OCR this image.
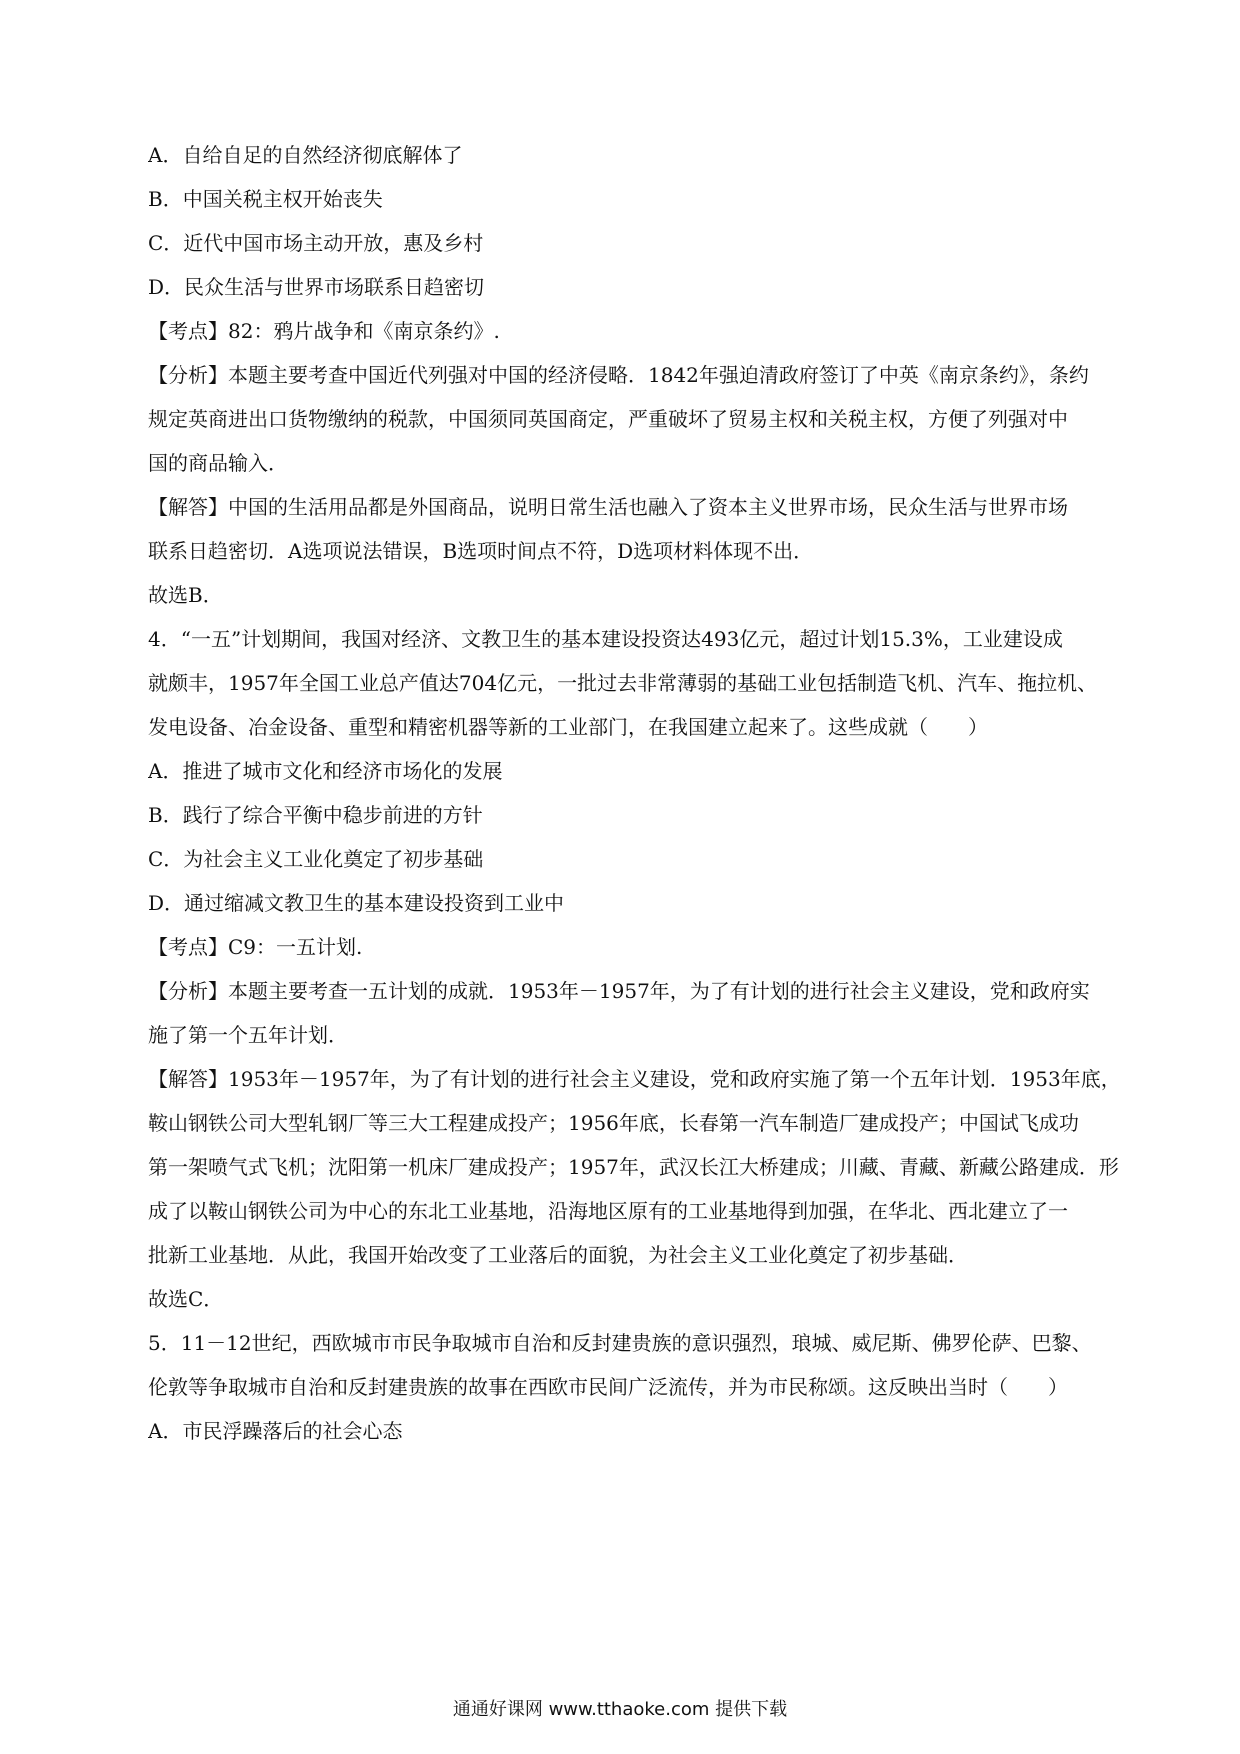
A．自给自足的自然经济彻底解体了
B．中国关税主权开始丧失
C．近代中国市场主动开放，惠及乡村
D．民众生活与世界市场联系日趋密切
【考点】82：鸦片战争和《南京条约》.
【分析】本题主要考查中国近代列强对中国的经济侵略．1842年强迫清政府签订了中英《南京条约》，条约
规定英商进出口货物缴纳的税款，中国须同英国商定，严重破坏了贸易主权和关税主权，方便了列强对中
国的商品输入．
【解答】中国的生活用品都是外国商品，说明日常生活也融入了资本主义世界市场，民众生活与世界市场
联系日趋密切．A选项说法错误，B选项时间点不符，D选项材料体现不出．
故选B．
4．“一五”计划期间，我国对经济、文教卫生的基本建设投资达493亿元，超过计划15.3%，工业建设成
就颇丰，1957年全国工业总产值达704亿元，一批过去非常薄弱的基础工业包括制造飞机、汽车、拖拉机、
发电设备、冶金设备、重型和精密机器等新的工业部门，在我国建立起来了。这些成就（　　）
A．推进了城市文化和经济市场化的发展
B．践行了综合平衡中稳步前进的方针
C．为社会主义工业化奠定了初步基础
D．通过缩减文教卫生的基本建设投资到工业中
【考点】C9：一五计划.
【分析】本题主要考查一五计划的成就．1953年－1957年，为了有计划的进行社会主义建设，党和政府实
施了第一个五年计划．
【解答】1953年－1957年，为了有计划的进行社会主义建设，党和政府实施了第一个五年计划．1953年底，
鞍山钢铁公司大型轧钢厂等三大工程建成投产；1956年底，长春第一汽车制造厂建成投产；中国试飞成功
第一架喷气式飞机；沈阳第一机床厂建成投产；1957年，武汉长江大桥建成；川藏、青藏、新藏公路建成．形
成了以鞍山钢铁公司为中心的东北工业基地，沿海地区原有的工业基地得到加强，在华北、西北建立了一
批新工业基地．从此，我国开始改变了工业落后的面貌，为社会主义工业化奠定了初步基础．
故选C．
5．11－12世纪，西欧城市市民争取城市自治和反封建贵族的意识强烈，琅城、威尼斯、佛罗伦萨、巴黎、
伦敦等争取城市自治和反封建贵族的故事在西欧市民间广泛流传，并为市民称颂。这反映出当时（　　）
A．市民浮躁落后的社会心态
通通好课网 www.tthaoke.com 提供下载
